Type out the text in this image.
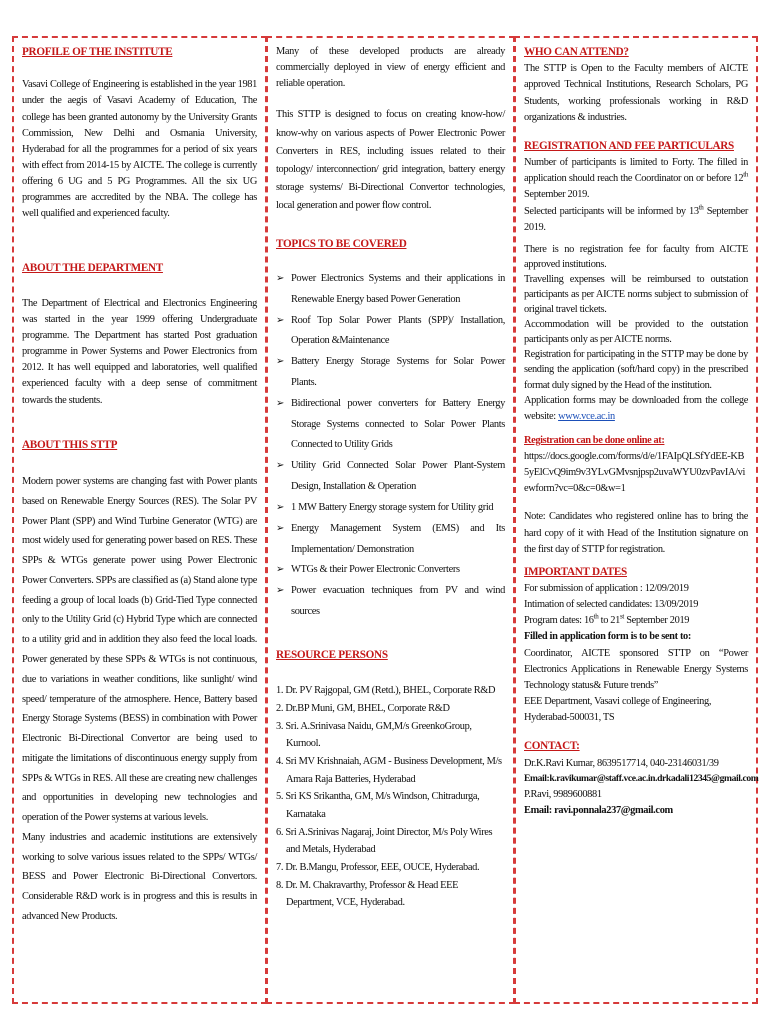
PROFILE OF THE INSTITUTE

Vasavi College of Engineering is established in the year 1981 under the aegis of Vasavi Academy of Education, The college has been granted autonomy by the University Grants Commission, New Delhi and Osmania University, Hyderabad for all the programmes for a period of six years with effect from 2014-15 by AICTE. The college is currently offering 6 UG and 5 PG Programmes. All the six UG programmes are accredited by the NBA. The college has well qualified and experienced faculty.

ABOUT THE DEPARTMENT

The Department of Electrical and Electronics Engineering was started in the year 1999 offering Undergraduate programme. The Department has started Post graduation programme in Power Systems and Power Electronics from 2012. It has well equipped and laboratories, well qualified experienced faculty with a deep sense of commitment towards the students.

ABOUT THIS STTP

Modern power systems are changing fast with Power plants based on Renewable Energy Sources (RES). The Solar PV Power Plant (SPP) and Wind Turbine Generator (WTG) are most widely used for generating power based on RES. These SPPs & WTGs generate power using Power Electronic Power Converters. SPPs are classified as (a) Stand alone type feeding a group of local loads (b) Grid-Tied Type connected only to the Utility Grid (c) Hybrid Type which are connected to a utility grid and in addition they also feed the local loads. Power generated by these SPPs & WTGs is not continuous, due to variations in weather conditions, like sunlight/ wind speed/ temperature of the atmosphere. Hence, Battery based Energy Storage Systems (BESS) in combination with Power Electronic Bi-Directional Convertor are being used to mitigate the limitations of discontinuous energy supply from SPPs & WTGs in RES. All these are creating new challenges and opportunities in developing new technologies and operation of the Power systems at various levels.

Many industries and academic institutions are extensively working to solve various issues related to the SPPs/ WTGs/ BESS and Power Electronic Bi-Directional Convertors. Considerable R&D work is in progress and this is results in advanced New Products.

Many of these developed products are already commercially deployed in view of energy efficient and reliable operation.

This STTP is designed to focus on creating know-how/ know-why on various aspects of Power Electronic Power Converters in RES, including issues related to their topology/ interconnection/ grid integration, battery energy storage systems/ Bi-Directional Convertor technologies, local generation and power flow control.

TOPICS TO BE COVERED
➢ Power Electronics Systems and their applications in Renewable Energy based Power Generation
➢ Roof Top Solar Power Plants (SPP)/ Installation, Operation &Maintenance
➢ Battery Energy Storage Systems for Solar Power Plants.
➢ Bidirectional power converters for Battery Energy Storage Systems connected to Solar Power Plants Connected to Utility Grids
➢ Utility Grid Connected Solar Power Plant-System Design, Installation & Operation
➢ 1 MW Battery Energy storage system for Utility grid
➢ Energy Management System (EMS) and Its Implementation/ Demonstration
➢ WTGs & their Power Electronic Converters
➢ Power evacuation techniques from PV and wind sources
RESOURCE PERSONS
1. Dr. PV Rajgopal, GM (Retd.), BHEL, Corporate R&D
2. Dr.BP Muni, GM, BHEL, Corporate R&D
3. Sri. A.Srinivasa Naidu, GM,M/s GreenkoGroup, Kurnool.
4. Sri MV Krishnaiah, AGM - Business Development, M/s Amara Raja Batteries, Hyderabad
5. Sri KS Srikantha, GM, M/s Windson, Chitradurga, Karnataka
6. Sri A.Srinivas Nagaraj, Joint Director, M/s Poly Wires and Metals, Hyderabad
7. Dr. B.Mangu, Professor, EEE, OUCE, Hyderabad.
8. Dr. M. Chakravarthy, Professor & Head EEE Department, VCE, Hyderabad.
WHO CAN ATTEND?

The STTP is Open to the Faculty members of AICTE approved Technical Institutions, Research Scholars, PG Students, working professionals working in R&D organizations & industries.

REGISTRATION AND FEE PARTICULARS

Number of participants is limited to Forty. The filled in application should reach the Coordinator on or before 12th September 2019.

Selected participants will be informed by 13th September 2019.

There is no registration fee for faculty from AICTE approved institutions.

Travelling expenses will be reimbursed to outstation participants as per AICTE norms subject to submission of original travel tickets.

Accommodation will be provided to the outstation participants only as per AICTE norms.

Registration for participating in the STTP may be done by sending the application (soft/hard copy) in the prescribed format duly signed by the Head of the institution.

Application forms may be downloaded from the college website: www.vce.ac.in

Registration can be done online at:

https://docs.google.com/forms/d/e/1FAIpQLSfYdEE-KB5yElCvQ9im9v3YLvGMvsnjpsp2uvaWYU0zvPavIA/viewform?vc=0&c=0&w=1

Note: Candidates who registered online has to bring the hard copy of it with Head of the Institution signature on the first day of STTP for registration.

IMPORTANT DATES

For submission of application : 12/09/2019

Intimation of selected candidates: 13/09/2019

Program dates: 16th to 21st September 2019

Filled in application form is to be sent to:

Coordinator, AICTE sponsored STTP on “Power Electronics Applications in Renewable Energy Systems Technology status& Future trends”

EEE Department, Vasavi college of Engineering,

Hyderabad-500031, TS

CONTACT:

Dr.K.Ravi Kumar, 8639517714, 040-23146031/39

Email:k.ravikumar@staff.vce.ac.in.drkadali12345@gmail.com

P.Ravi, 9989600881

Email: ravi.ponnala237@gmail.com
